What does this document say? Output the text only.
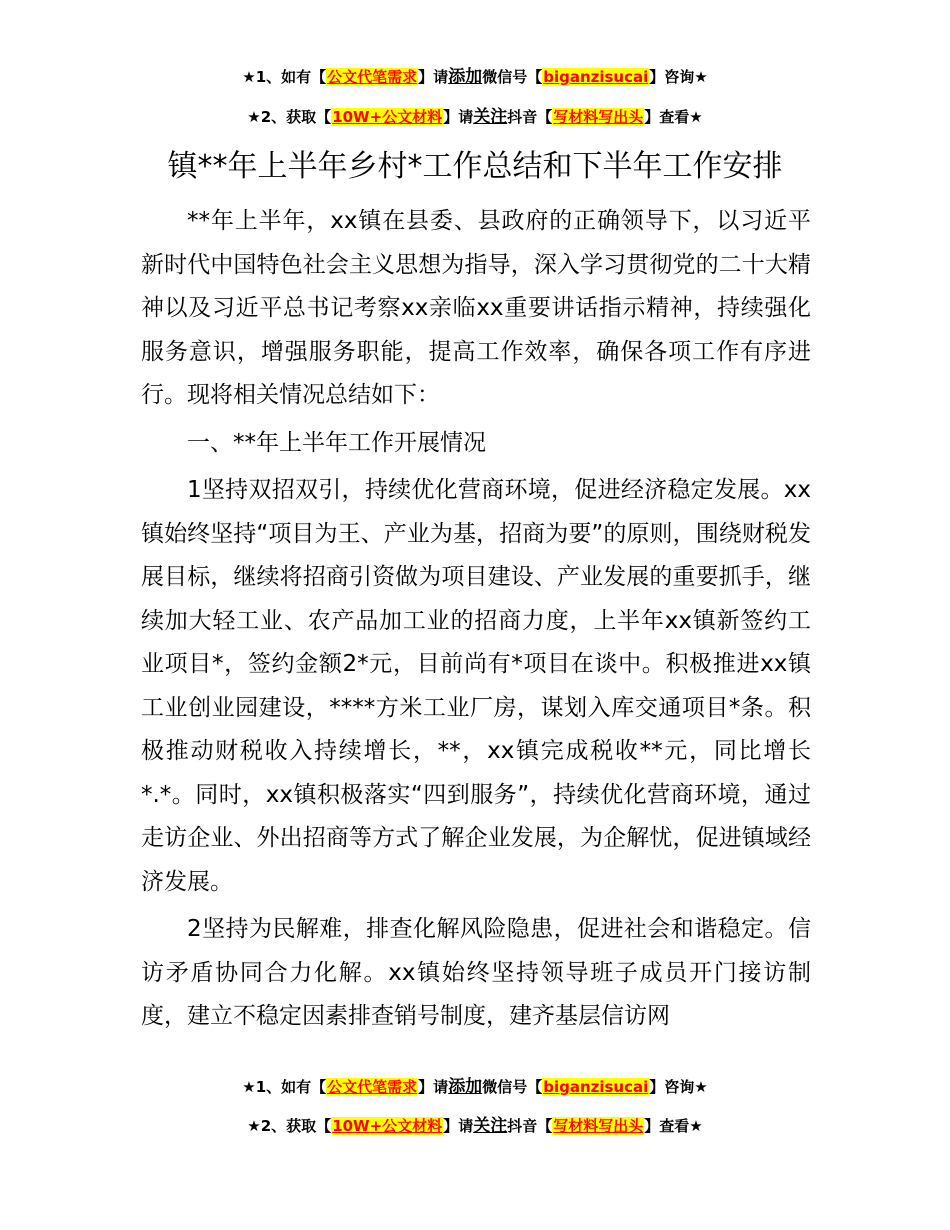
★1、如有【公文代笔需求】请添加微信号【biganzisucai】咨询★
★2、获取【10W+公文材料】请关注抖音【写材料写出头】查看★
镇**年上半年乡村*工作总结和下半年工作安排

**年上半年，xx镇在县委、县政府的正确领导下，以习近平新时代中国特色社会主义思想为指导，深入学习贯彻党的二十大精神以及习近平总书记考察xx亲临xx重要讲话指示精神，持续强化服务意识，增强服务职能，提高工作效率，确保各项工作有序进行。现将相关情况总结如下：

一、**年上半年工作开展情况

1坚持双招双引，持续优化营商环境，促进经济稳定发展。xx镇始终坚持“项目为王、产业为基，招商为要”的原则，围绕财税发展目标，继续将招商引资做为项目建设、产业发展的重要抓手，继续加大轻工业、农产品加工业的招商力度，上半年xx镇新签约工业项目*，签约金额2*元，目前尚有*项目在谈中。积极推进xx镇工业创业园建设，****方米工业厂房，谋划入库交通项目*条。积极推动财税收入持续增长，**，xx镇完成税收**元，同比增长*.*。同时，xx镇积极落实“四到服务”，持续优化营商环境，通过走访企业、外出招商等方式了解企业发展，为企解忧，促进镇域经济发展。

2坚持为民解难，排查化解风险隐患，促进社会和谐稳定。信访矛盾协同合力化解。xx镇始终坚持领导班子成员开门接访制度，建立不稳定因素排查销号制度，建齐基层信访网

★1、如有【公文代笔需求】请添加微信号【biganzisucai】咨询★
★2、获取【10W+公文材料】请关注抖音【写材料写出头】查看★
